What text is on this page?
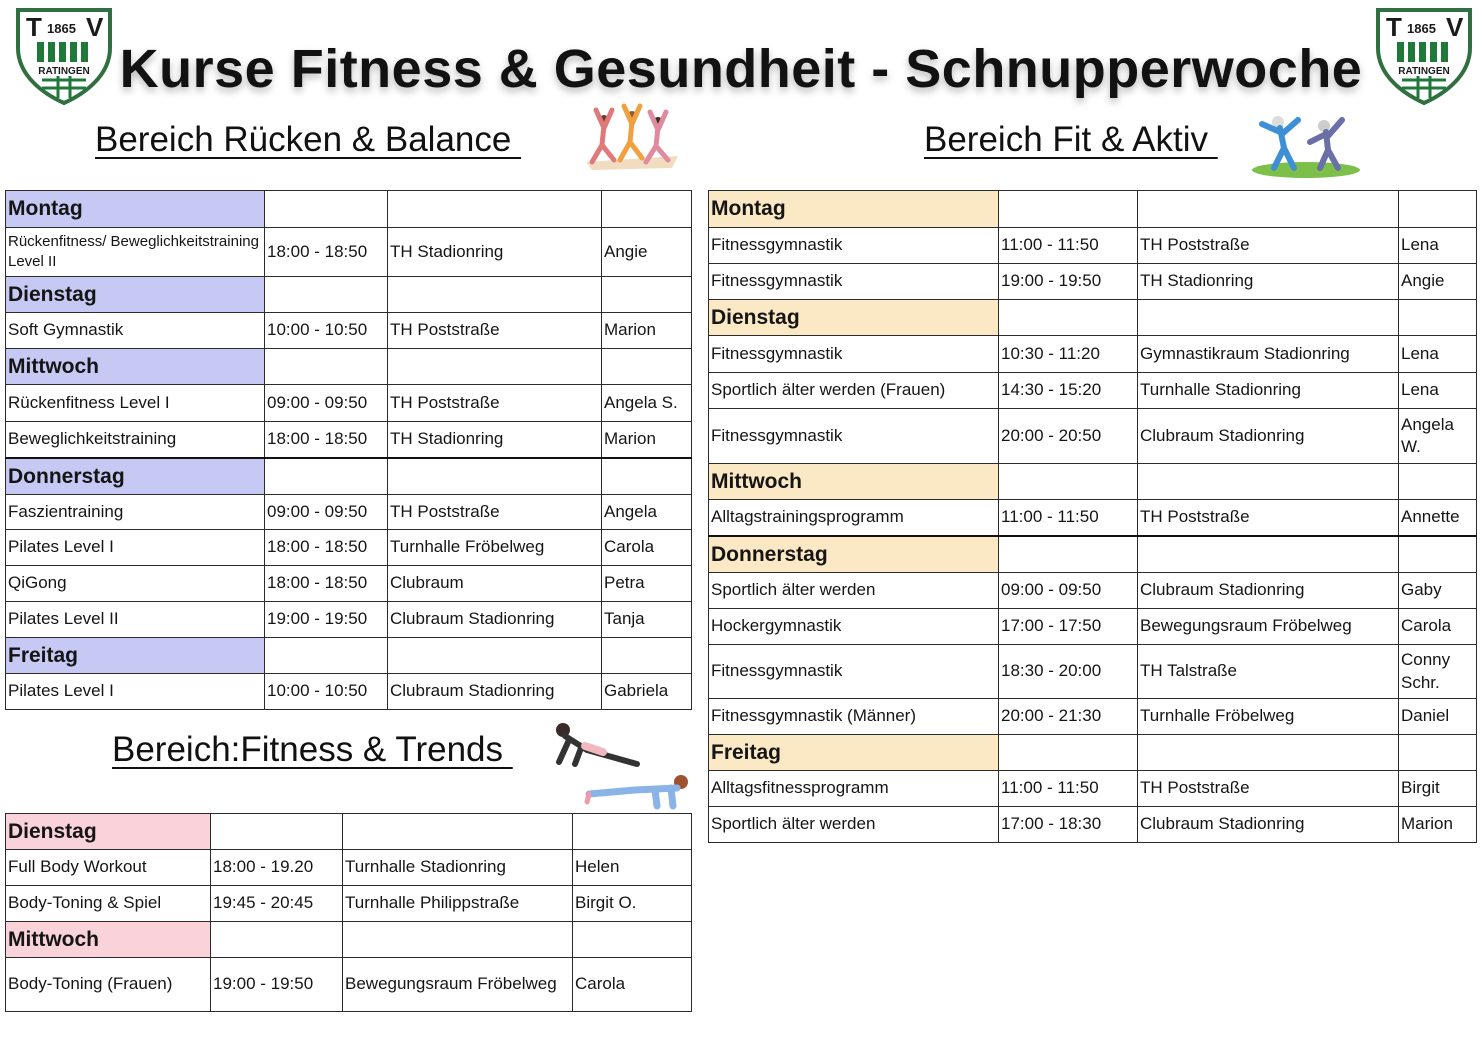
T 1865 V
RATINGEN
T 1865 V
RATINGEN
Kurse Fitness & Gesundheit - Schnupperwoche
Bereich Rücken & Balance	Bereich Fit & Aktiv
Bereich:Fitness & Trends
Montag			
Rückenfitness/ Beweglichkeitstraining Level II	18:00 - 18:50	TH Stadionring	Angie
Dienstag			
Soft Gymnastik	10:00 - 10:50	TH Poststraße	Marion
Mittwoch			
Rückenfitness Level I	09:00 - 09:50	TH Poststraße	Angela S.
Beweglichkeitstraining	18:00 - 18:50	TH Stadionring	Marion
Donnerstag			
Faszientraining	09:00 - 09:50	TH Poststraße	Angela
Pilates Level I	18:00 - 18:50	Turnhalle Fröbelweg	Carola
QiGong	18:00 - 18:50	Clubraum	Petra
Pilates Level II	19:00 - 19:50	Clubraum Stadionring	Tanja
Freitag			
Pilates Level I	10:00 - 10:50	Clubraum Stadionring	Gabriela
Montag			
Fitnessgymnastik	11:00 - 11:50	TH Poststraße	Lena
Fitnessgymnastik	19:00 - 19:50	TH Stadionring	Angie
Dienstag			
Fitnessgymnastik	10:30 - 11:20	Gymnastikraum Stadionring	Lena
Sportlich älter werden (Frauen)	14:30 - 15:20	Turnhalle Stadionring	Lena
Fitnessgymnastik	20:00 - 20:50	Clubraum Stadionring	Angela W.
Mittwoch			
Alltagstrainingsprogramm	11:00 - 11:50	TH Poststraße	Annette
Donnerstag			
Sportlich älter werden	09:00 - 09:50	Clubraum Stadionring	Gaby
Hockergymnastik	17:00 - 17:50	Bewegungsraum Fröbelweg	Carola
Fitnessgymnastik	18:30 - 20:00	TH Talstraße	Conny Schr.
Fitnessgymnastik (Männer)	20:00 - 21:30	Turnhalle Fröbelweg	Daniel
Freitag			
Alltagsfitnessprogramm	11:00 - 11:50	TH Poststraße	Birgit
Sportlich älter werden	17:00 - 18:30	Clubraum Stadionring	Marion
Dienstag			
Full Body Workout	18:00 - 19.20	Turnhalle Stadionring	Helen
Body-Toning & Spiel	19:45 - 20:45	Turnhalle Philippstraße	Birgit O.
Mittwoch			
Body-Toning (Frauen)	19:00 - 19:50	Bewegungsraum Fröbelweg	Carola
